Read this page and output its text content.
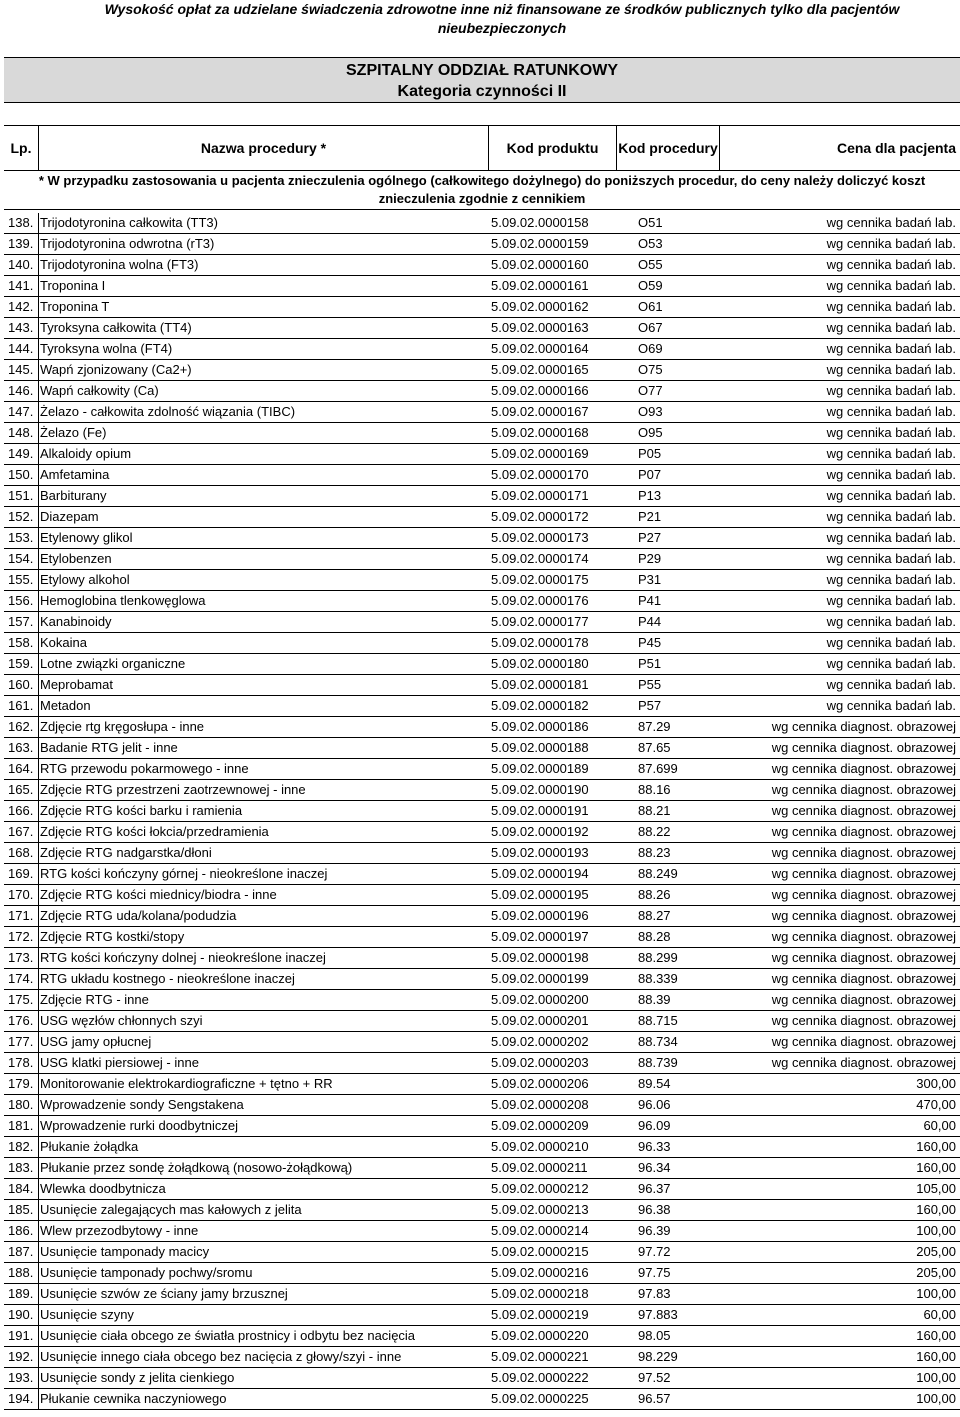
Wysokość opłat za udzielane świadczenia zdrowotne inne niż finansowane ze środków publicznych tylko dla pacjentów nieubezpieczonych
SZPITALNY ODDZIAŁ RATUNKOWY
Kategoria czynności II
Lp.	Nazwa procedury *	Kod produktu	Kod procedury	Cena dla pacjenta
* W przypadku zastosowania u pacjenta znieczulenia ogólnego (całkowitego dożylnego) do poniższych procedur, do ceny należy doliczyć koszt znieczulenia zgodnie z cennikiem
138. Trijodotyronina całkowita (TT3)	5.09.02.0000158	O51	wg cennika badań lab.
139. Trijodotyronina odwrotna (rT3)	5.09.02.0000159	O53	wg cennika badań lab.
140. Trijodotyronina wolna (FT3)	5.09.02.0000160	O55	wg cennika badań lab.
141. Troponina I	5.09.02.0000161	O59	wg cennika badań lab.
142. Troponina T	5.09.02.0000162	O61	wg cennika badań lab.
143. Tyroksyna całkowita (TT4)	5.09.02.0000163	O67	wg cennika badań lab.
144. Tyroksyna wolna (FT4)	5.09.02.0000164	O69	wg cennika badań lab.
145. Wapń zjonizowany (Ca2+)	5.09.02.0000165	O75	wg cennika badań lab.
146. Wapń całkowity (Ca)	5.09.02.0000166	O77	wg cennika badań lab.
147. Żelazo - całkowita zdolność wiązania (TIBC)	5.09.02.0000167	O93	wg cennika badań lab.
148. Żelazo (Fe)	5.09.02.0000168	O95	wg cennika badań lab.
149. Alkaloidy opium	5.09.02.0000169	P05	wg cennika badań lab.
150. Amfetamina	5.09.02.0000170	P07	wg cennika badań lab.
151. Barbiturany	5.09.02.0000171	P13	wg cennika badań lab.
152. Diazepam	5.09.02.0000172	P21	wg cennika badań lab.
153. Etylenowy glikol	5.09.02.0000173	P27	wg cennika badań lab.
154. Etylobenzen	5.09.02.0000174	P29	wg cennika badań lab.
155. Etylowy alkohol	5.09.02.0000175	P31	wg cennika badań lab.
156. Hemoglobina tlenkowęglowa	5.09.02.0000176	P41	wg cennika badań lab.
157. Kanabinoidy	5.09.02.0000177	P44	wg cennika badań lab.
158. Kokaina	5.09.02.0000178	P45	wg cennika badań lab.
159. Lotne związki organiczne	5.09.02.0000180	P51	wg cennika badań lab.
160. Meprobamat	5.09.02.0000181	P55	wg cennika badań lab.
161. Metadon	5.09.02.0000182	P57	wg cennika badań lab.
162. Zdjęcie rtg kręgosłupa - inne	5.09.02.0000186	87.29	wg cennika diagnost. obrazowej
163. Badanie RTG jelit - inne	5.09.02.0000188	87.65	wg cennika diagnost. obrazowej
164. RTG przewodu pokarmowego - inne	5.09.02.0000189	87.699	wg cennika diagnost. obrazowej
165. Zdjęcie RTG przestrzeni zaotrzewnowej - inne	5.09.02.0000190	88.16	wg cennika diagnost. obrazowej
166. Zdjęcie RTG kości barku i ramienia	5.09.02.0000191	88.21	wg cennika diagnost. obrazowej
167. Zdjęcie RTG kości łokcia/przedramienia	5.09.02.0000192	88.22	wg cennika diagnost. obrazowej
168. Zdjęcie RTG nadgarstka/dłoni	5.09.02.0000193	88.23	wg cennika diagnost. obrazowej
169. RTG kości kończyny górnej - nieokreślone inaczej	5.09.02.0000194	88.249	wg cennika diagnost. obrazowej
170. Zdjęcie RTG kości miednicy/biodra - inne	5.09.02.0000195	88.26	wg cennika diagnost. obrazowej
171. Zdjęcie RTG uda/kolana/podudzia	5.09.02.0000196	88.27	wg cennika diagnost. obrazowej
172. Zdjęcie RTG kostki/stopy	5.09.02.0000197	88.28	wg cennika diagnost. obrazowej
173. RTG kości kończyny dolnej - nieokreślone inaczej	5.09.02.0000198	88.299	wg cennika diagnost. obrazowej
174. RTG układu kostnego - nieokreślone inaczej	5.09.02.0000199	88.339	wg cennika diagnost. obrazowej
175. Zdjęcie RTG - inne	5.09.02.0000200	88.39	wg cennika diagnost. obrazowej
176. USG węzłów chłonnych szyi	5.09.02.0000201	88.715	wg cennika diagnost. obrazowej
177. USG jamy opłucnej	5.09.02.0000202	88.734	wg cennika diagnost. obrazowej
178. USG klatki piersiowej - inne	5.09.02.0000203	88.739	wg cennika diagnost. obrazowej
179. Monitorowanie elektrokardiograficzne + tętno + RR	5.09.02.0000206	89.54	300,00
180. Wprowadzenie sondy Sengstakena	5.09.02.0000208	96.06	470,00
181. Wprowadzenie rurki doodbytniczej	5.09.02.0000209	96.09	60,00
182. Płukanie żołądka	5.09.02.0000210	96.33	160,00
183. Płukanie przez sondę żołądkową (nosowo-żołądkową)	5.09.02.0000211	96.34	160,00
184. Wlewka doodbytnicza	5.09.02.0000212	96.37	105,00
185. Usunięcie zalegających mas kałowych z jelita	5.09.02.0000213	96.38	160,00
186. Wlew przezodbytowy - inne	5.09.02.0000214	96.39	100,00
187. Usunięcie tamponady macicy	5.09.02.0000215	97.72	205,00
188. Usunięcie tamponady pochwy/sromu	5.09.02.0000216	97.75	205,00
189. Usunięcie szwów ze ściany jamy brzusznej	5.09.02.0000218	97.83	100,00
190. Usunięcie szyny	5.09.02.0000219	97.883	60,00
191. Usunięcie ciała obcego ze światła prostnicy i odbytu bez nacięcia	5.09.02.0000220	98.05	160,00
192. Usunięcie innego ciała obcego bez nacięcia z głowy/szyi - inne	5.09.02.0000221	98.229	160,00
193. Usunięcie sondy z jelita cienkiego	5.09.02.0000222	97.52	100,00
194. Płukanie cewnika naczyniowego	5.09.02.0000225	96.57	100,00
